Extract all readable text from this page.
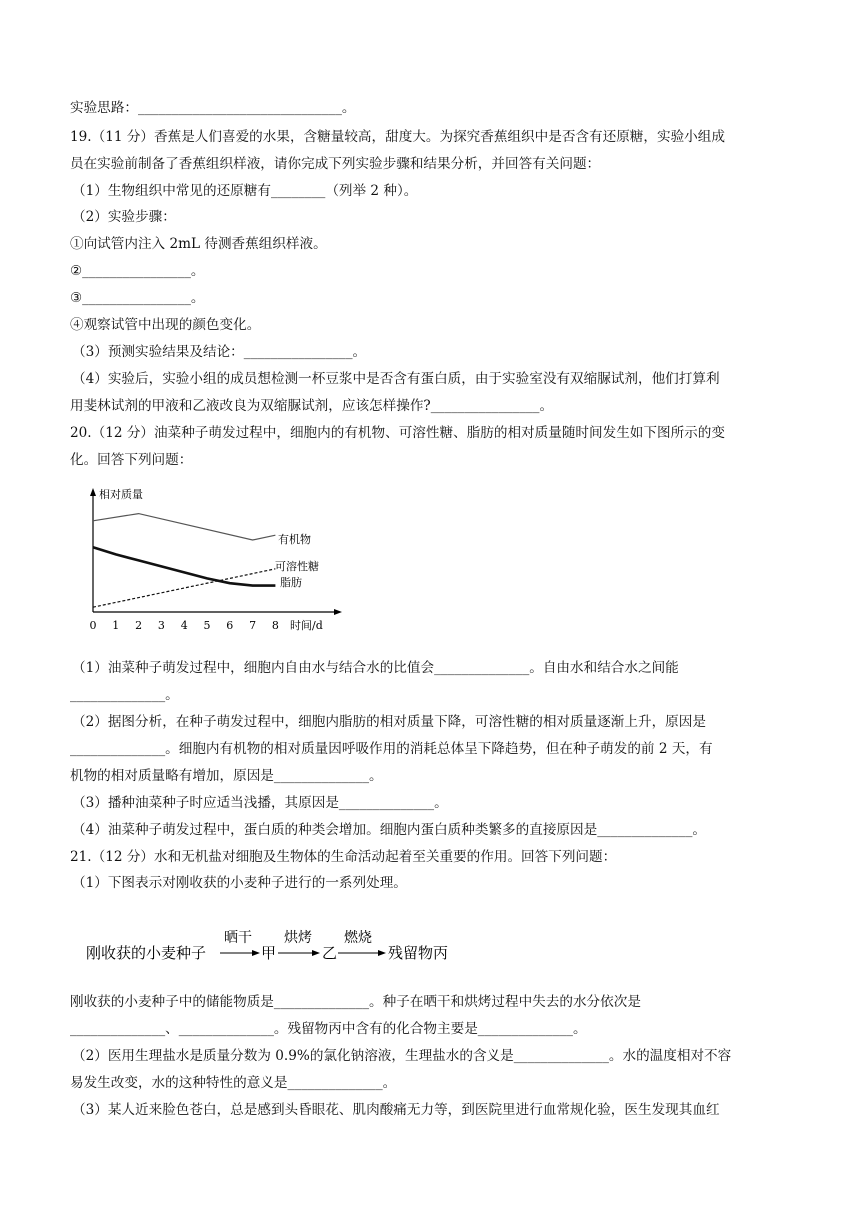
实验思路：______________________________。
19.（11 分）香蕉是人们喜爱的水果，含糖量较高，甜度大。为探究香蕉组织中是否含有还原糖，实验小组成
员在实验前制备了香蕉组织样液，请你完成下列实验步骤和结果分析，并回答有关问题：
（1）生物组织中常见的还原糖有________（列举 2 种）。
（2）实验步骤：
①向试管内注入 2mL 待测香蕉组织样液。
②________________。
③________________。
④观察试管中出现的颜色变化。
（3）预测实验结果及结论：________________。
（4）实验后，实验小组的成员想检测一杯豆浆中是否含有蛋白质，由于实验室没有双缩脲试剂，他们打算利
用斐林试剂的甲液和乙液改良为双缩脲试剂，应该怎样操作?________________。
20.（12 分）油菜种子萌发过程中，细胞内的有机物、可溶性糖、脂肪的相对质量随时间发生如下图所示的变
化。回答下列问题：
相对质量
时间/d
0 1 2 3 4 5 6 7 8
有机物
可溶性糖
脂肪
（1）油菜种子萌发过程中，细胞内自由水与结合水的比值会______________。自由水和结合水之间能
______________。
（2）据图分析，在种子萌发过程中，细胞内脂肪的相对质量下降，可溶性糖的相对质量逐渐上升，原因是
______________。细胞内有机物的相对质量因呼吸作用的消耗总体呈下降趋势，但在种子萌发的前 2 天，有
机物的相对质量略有增加，原因是______________。
（3）播种油菜种子时应适当浅播，其原因是______________。
（4）油菜种子萌发过程中，蛋白质的种类会增加。细胞内蛋白质种类繁多的直接原因是______________。
21.（12 分）水和无机盐对细胞及生物体的生命活动起着至关重要的作用。回答下列问题：
（1）下图表示对刚收获的小麦种子进行的一系列处理。
刚收获的小麦种子
晒干
甲
烘烤
乙
燃烧
残留物丙
刚收获的小麦种子中的储能物质是______________。种子在晒干和烘烤过程中失去的水分依次是
______________、______________。残留物丙中含有的化合物主要是______________。
（2）医用生理盐水是质量分数为 0.9%的氯化钠溶液，生理盐水的含义是______________。水的温度相对不容
易发生改变，水的这种特性的意义是______________。
（3）某人近来脸色苍白，总是感到头昏眼花、肌肉酸痛无力等，到医院里进行血常规化验，医生发现其血红
